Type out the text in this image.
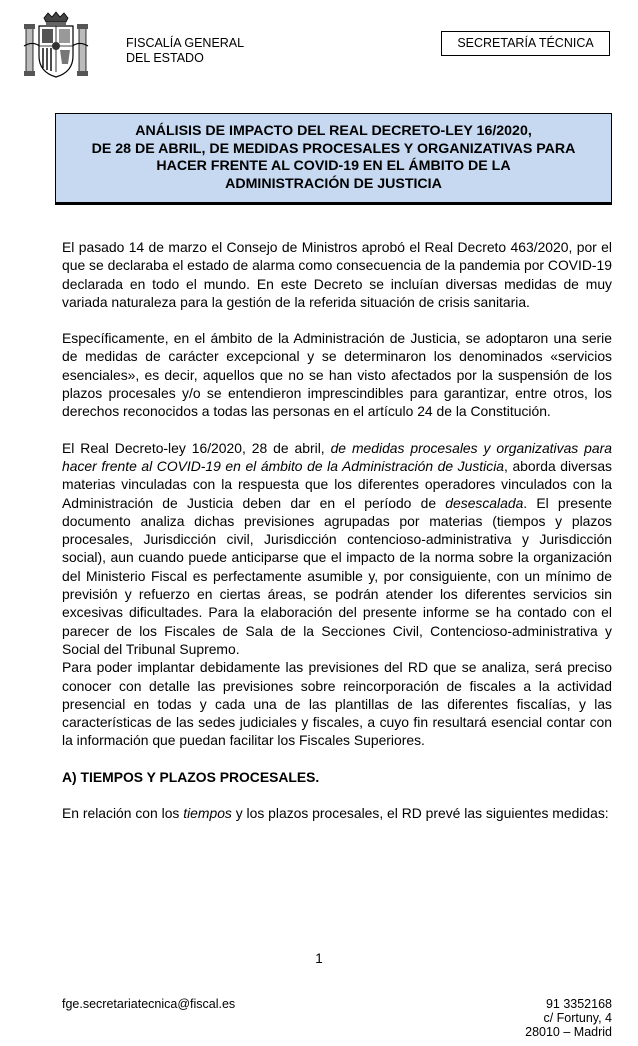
FISCALÍA GENERAL
DEL ESTADO
SECRETARÍA TÉCNICA
ANÁLISIS DE IMPACTO DEL REAL DECRETO-LEY 16/2020,
DE 28 DE ABRIL, DE MEDIDAS PROCESALES Y ORGANIZATIVAS PARA
HACER FRENTE AL COVID-19 EN EL ÁMBITO DE LA
ADMINISTRACIÓN DE JUSTICIA

El pasado 14 de marzo el Consejo de Ministros aprobó el Real Decreto 463/2020, por el que se declaraba el estado de alarma como consecuencia de la pandemia por COVID-19 declarada en todo el mundo. En este Decreto se incluían diversas medidas de muy variada naturaleza para la gestión de la referida situación de crisis sanitaria.

Específicamente, en el ámbito de la Administración de Justicia, se adoptaron una serie de medidas de carácter excepcional y se determinaron los denominados «servicios esenciales», es decir, aquellos que no se han visto afectados por la suspensión de los plazos procesales y/o se entendieron imprescindibles para garantizar, entre otros, los derechos reconocidos a todas las personas en el artículo 24 de la Constitución.

El Real Decreto-ley 16/2020, 28 de abril, de medidas procesales y organizativas para hacer frente al COVID-19 en el ámbito de la Administración de Justicia, aborda diversas materias vinculadas con la respuesta que los diferentes operadores vinculados con la Administración de Justicia deben dar en el período de desescalada. El presente documento analiza dichas previsiones agrupadas por materias (tiempos y plazos procesales, Jurisdicción civil, Jurisdicción contencioso-administrativa y Jurisdicción social), aun cuando puede anticiparse que el impacto de la norma sobre la organización del Ministerio Fiscal es perfectamente asumible y, por consiguiente, con un mínimo de previsión y refuerzo en ciertas áreas, se podrán atender los diferentes servicios sin excesivas dificultades. Para la elaboración del presente informe se ha contado con el parecer de los Fiscales de Sala de la Secciones Civil, Contencioso-administrativa y Social del Tribunal Supremo.

Para poder implantar debidamente las previsiones del RD que se analiza, será preciso conocer con detalle las previsiones sobre reincorporación de fiscales a la actividad presencial en todas y cada una de las plantillas de las diferentes fiscalías, y las características de las sedes judiciales y fiscales, a cuyo fin resultará esencial contar con la información que puedan facilitar los Fiscales Superiores.

A) TIEMPOS Y PLAZOS PROCESALES.

En relación con los tiempos y los plazos procesales, el RD prevé las siguientes medidas:

1
fge.secretariatecnica@fiscal.es	91 3352168
c/ Fortuny, 4
28010 – Madrid
